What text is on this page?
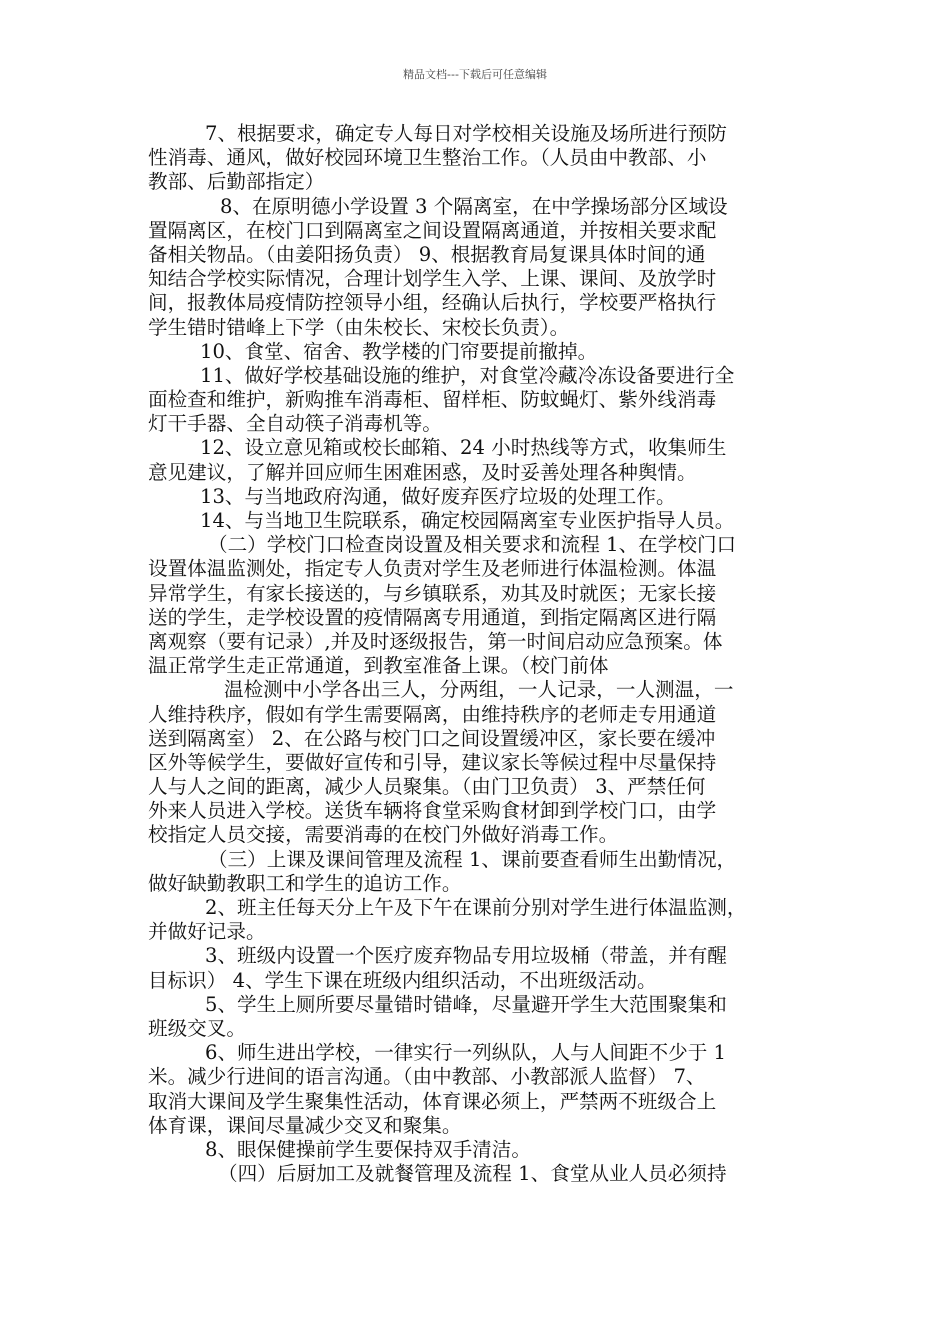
精品文档---下载后可任意编辑
7、根据要求，确定专人每日对学校相关设施及场所进行预防
性消毒、通风，做好校园环境卫生整治工作。（人员由中教部、小
教部、后勤部指定）
8、在原明德小学设置 3 个隔离室，在中学操场部分区域设
置隔离区，在校门口到隔离室之间设置隔离通道，并按相关要求配
备相关物品。（由姜阳扬负责） 9、根据教育局复课具体时间的通
知结合学校实际情况，合理计划学生入学、上课、课间、及放学时
间，报教体局疫情防控领导小组，经确认后执行，学校要严格执行
学生错时错峰上下学（由朱校长、宋校长负责）。
10、食堂、宿舍、教学楼的门帘要提前撤掉。
11、做好学校基础设施的维护，对食堂冷藏冷冻设备要进行全
面检查和维护，新购推车消毒柜、留样柜、防蚊蝇灯、紫外线消毒
灯干手器、全自动筷子消毒机等。
12、设立意见箱或校长邮箱、24 小时热线等方式，收集师生
意见建议，了解并回应师生困难困惑，及时妥善处理各种舆情。
13、与当地政府沟通，做好废弃医疗垃圾的处理工作。
14、与当地卫生院联系，确定校园隔离室专业医护指导人员。
（二）学校门口检查岗设置及相关要求和流程 1、在学校门口
设置体温监测处，指定专人负责对学生及老师进行体温检测。体温
异常学生，有家长接送的，与乡镇联系，劝其及时就医；无家长接
送的学生，走学校设置的疫情隔离专用通道，到指定隔离区进行隔
离观察（要有记录）,并及时逐级报告，第一时间启动应急预案。体
温正常学生走正常通道，到教室准备上课。（校门前体
温检测中小学各出三人，分两组，一人记录，一人测温，一
人维持秩序，假如有学生需要隔离，由维持秩序的老师走专用通道
送到隔离室） 2、在公路与校门口之间设置缓冲区，家长要在缓冲
区外等候学生，要做好宣传和引导，建议家长等候过程中尽量保持
人与人之间的距离，减少人员聚集。（由门卫负责） 3、严禁任何
外来人员进入学校。送货车辆将食堂采购食材卸到学校门口，由学
校指定人员交接，需要消毒的在校门外做好消毒工作。
（三）上课及课间管理及流程 1、课前要查看师生出勤情况，
做好缺勤教职工和学生的追访工作。
2、班主任每天分上午及下午在课前分别对学生进行体温监测，
并做好记录。
3、班级内设置一个医疗废弃物品专用垃圾桶（带盖，并有醒
目标识） 4、学生下课在班级内组织活动，不出班级活动。
5、学生上厕所要尽量错时错峰，尽量避开学生大范围聚集和
班级交叉。
6、师生进出学校，一律实行一列纵队，人与人间距不少于 1
米。减少行进间的语言沟通。（由中教部、小教部派人监督） 7、
取消大课间及学生聚集性活动，体育课必须上，严禁两不班级合上
体育课，课间尽量减少交叉和聚集。
8、眼保健操前学生要保持双手清洁。
（四）后厨加工及就餐管理及流程 1、食堂从业人员必须持
